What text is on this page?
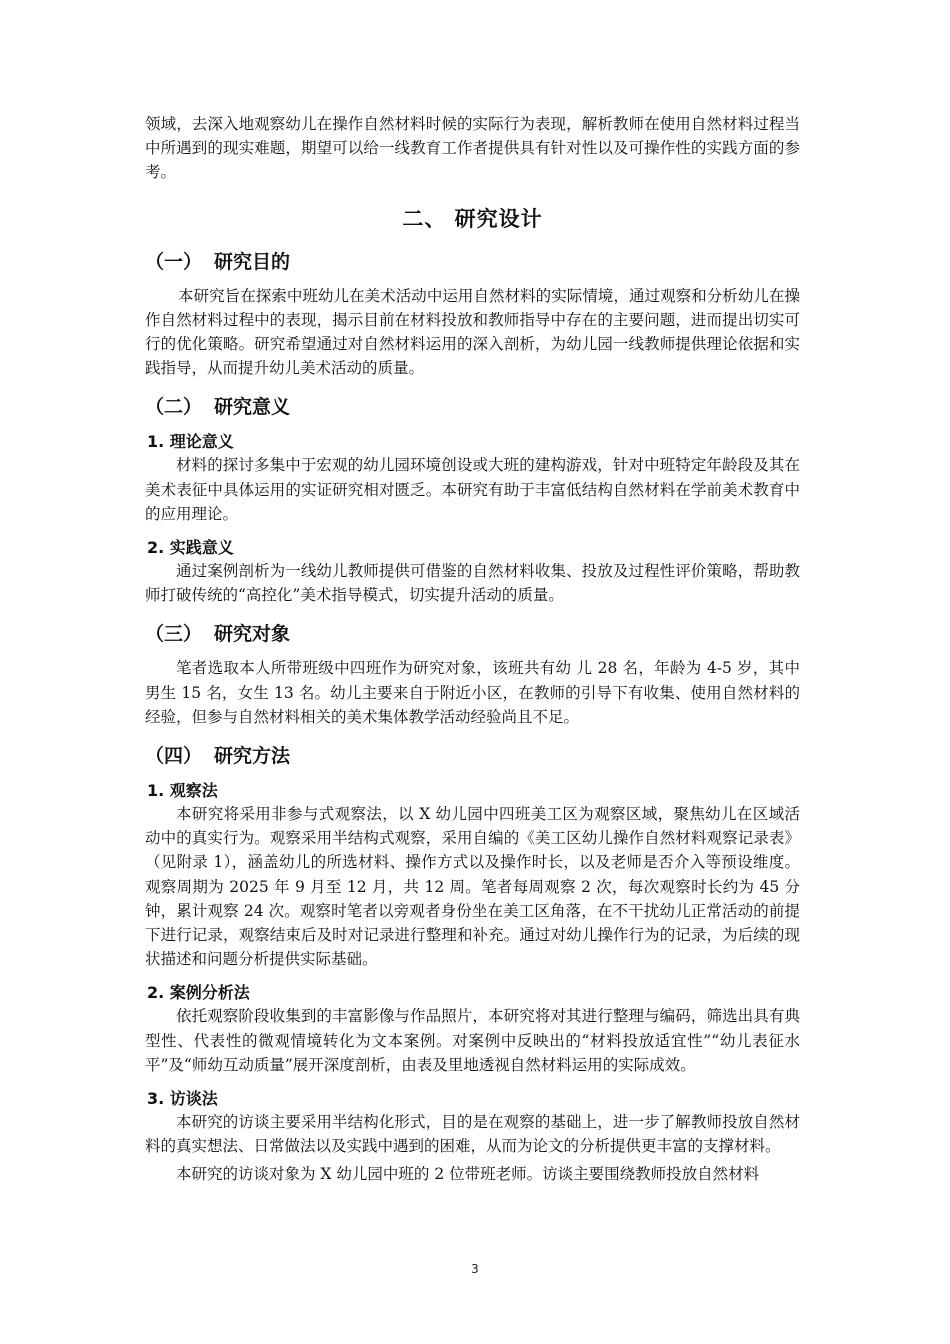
领域，去深入地观察幼儿在操作自然材料时候的实际行为表现，解析教师在使用自然材料过程当中所遇到的现实难题，期望可以给一线教育工作者提供具有针对性以及可操作性的实践方面的参考。

二、 研究设计
（一） 研究目的

本研究旨在探索中班幼儿在美术活动中运用自然材料的实际情境，通过观察和分析幼儿在操作自然材料过程中的表现，揭示目前在材料投放和教师指导中存在的主要问题，进而提出切实可行的优化策略。研究希望通过对自然材料运用的深入剖析，为幼儿园一线教师提供理论依据和实践指导，从而提升幼儿美术活动的质量。

（二） 研究意义
1. 理论意义

材料的探讨多集中于宏观的幼儿园环境创设或大班的建构游戏，针对中班特定年龄段及其在美术表征中具体运用的实证研究相对匮乏。本研究有助于丰富低结构自然材料在学前美术教育中的应用理论。

2. 实践意义

通过案例剖析为一线幼儿教师提供可借鉴的自然材料收集、投放及过程性评价策略，帮助教师打破传统的“高控化”美术指导模式，切实提升活动的质量。

（三） 研究对象

笔者选取本人所带班级中四班作为研究对象，该班共有幼 儿 28 名，年龄为 4-5 岁，其中男生 15 名，女生 13 名。幼儿主要来自于附近小区，在教师的引导下有收集、使用自然材料的经验，但参与自然材料相关的美术集体教学活动经验尚且不足。

（四） 研究方法
1. 观察法

本研究将采用非参与式观察法，以 X 幼儿园中四班美工区为观察区域，聚焦幼儿在区域活动中的真实行为。观察采用半结构式观察，采用自编的《美工区幼儿操作自然材料观察记录表》（见附录 1），涵盖幼儿的所选材料、操作方式以及操作时长，以及老师是否介入等预设维度。观察周期为 2025 年 9 月至 12 月，共 12 周。笔者每周观察 2 次，每次观察时长约为 45 分钟，累计观察 24 次。观察时笔者以旁观者身份坐在美工区角落，在不干扰幼儿正常活动的前提下进行记录，观察结束后及时对记录进行整理和补充。通过对幼儿操作行为的记录，为后续的现状描述和问题分析提供实际基础。

2. 案例分析法

依托观察阶段收集到的丰富影像与作品照片，本研究将对其进行整理与编码，筛选出具有典型性、代表性的微观情境转化为文本案例。对案例中反映出的“材料投放适宜性”“幼儿表征水平”及“师幼互动质量”展开深度剖析，由表及里地透视自然材料运用的实际成效。

3. 访谈法

本研究的访谈主要采用半结构化形式，目的是在观察的基础上，进一步了解教师投放自然材料的真实想法、日常做法以及实践中遇到的困难，从而为论文的分析提供更丰富的支撑材料。

本研究的访谈对象为 X 幼儿园中班的 2 位带班老师。访谈主要围绕教师投放自然材料

3
